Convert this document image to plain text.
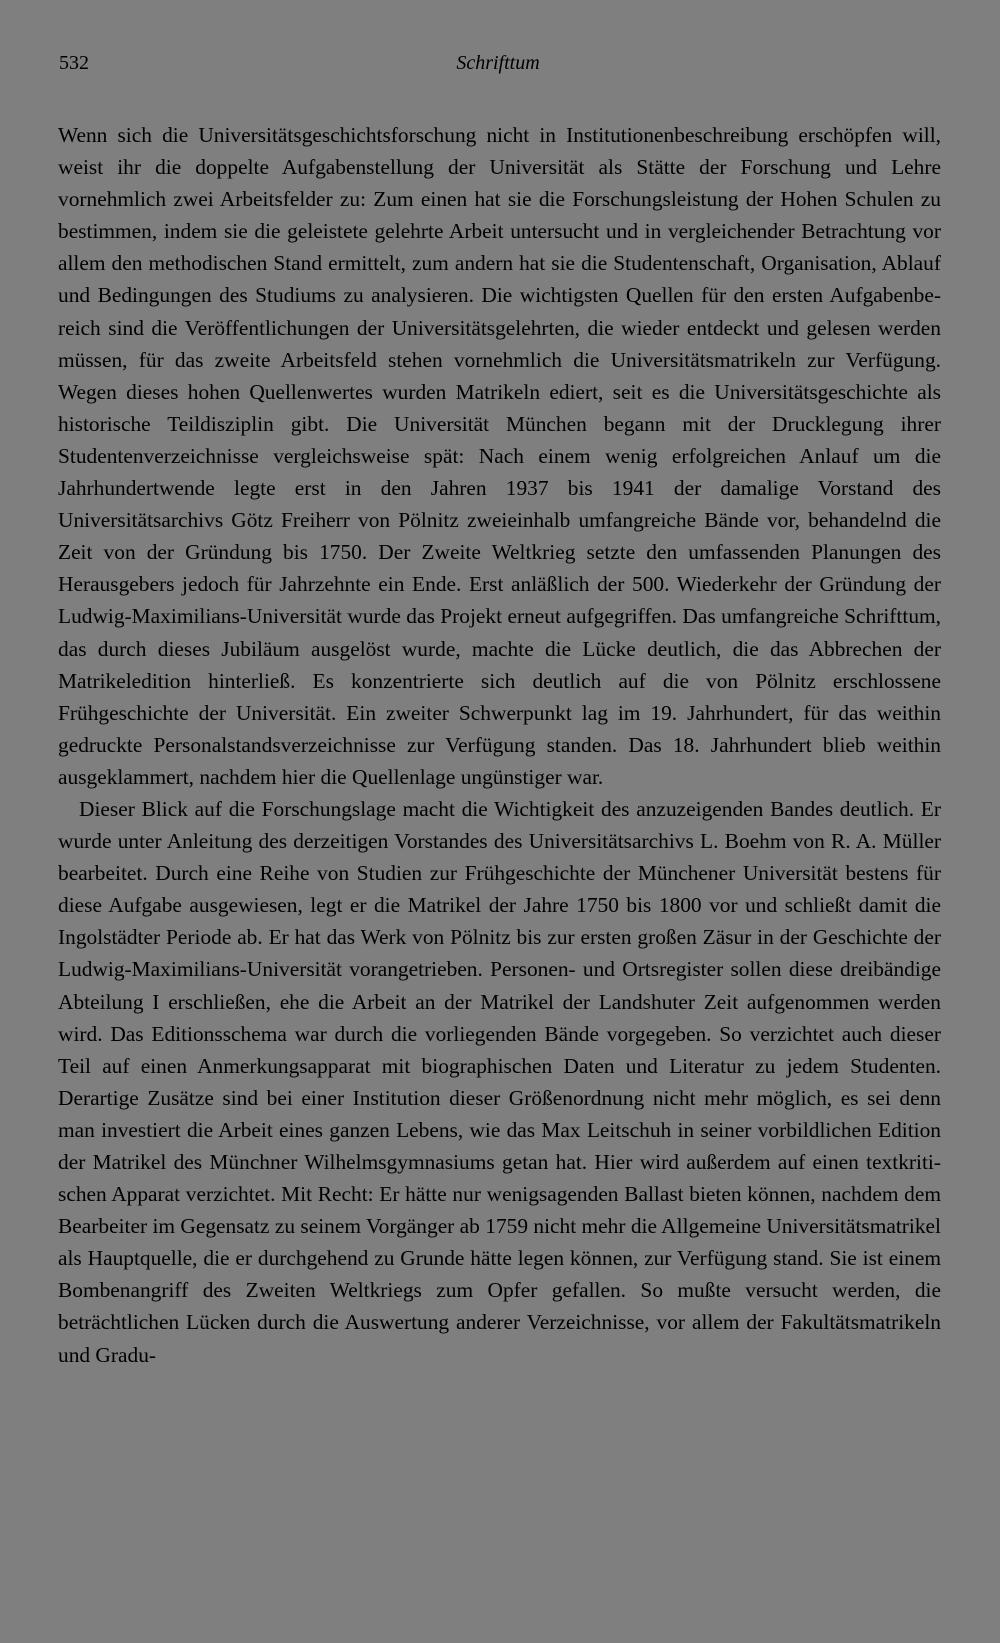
532	Schrifttum

Wenn sich die Universitätsgeschichtsforschung nicht in Institutionenbeschreibung erschöpfen will, weist ihr die doppelte Aufgabenstellung der Universität als Stätte der Forschung und Lehre vornehmlich zwei Arbeitsfelder zu: Zum einen hat sie die Forschungsleistung der Hohen Schulen zu bestimmen, indem sie die geleistete gelehrte Arbeit untersucht und in vergleichender Betrachtung vor allem den methodischen Stand ermittelt, zum andern hat sie die Studentenschaft, Organisation, Ablauf und Bedingungen des Studiums zu analysieren. Die wichtigsten Quellen für den ersten Aufgabenbereich sind die Veröffentlichungen der Universitätsgelehrten, die wieder entdeckt und gelesen werden müssen, für das zweite Arbeitsfeld stehen vornehmlich die Universitätsmatrikeln zur Verfügung. Wegen dieses hohen Quellenwertes wurden Matrikeln ediert, seit es die Universitätsgeschichte als historische Teildisziplin gibt. Die Universität München begann mit der Drucklegung ihrer Studentenverzeichnisse vergleichsweise spät: Nach einem wenig erfolgreichen Anlauf um die Jahrhundertwende legte erst in den Jahren 1937 bis 1941 der damalige Vorstand des Universitätsarchivs Götz Freiherr von Pölnitz zweieinhalb umfangreiche Bände vor, behandelnd die Zeit von der Gründung bis 1750. Der Zweite Weltkrieg setzte den umfassenden Planungen des Herausgebers jedoch für Jahrzehnte ein Ende. Erst anläßlich der 500. Wiederkehr der Gründung der Ludwig-Maximilians-Universität wurde das Projekt erneut aufgegriffen. Das umfangreiche Schrifttum, das durch dieses Jubiläum ausgelöst wurde, machte die Lücke deutlich, die das Abbrechen der Matrikeledition hinterließ. Es konzentrierte sich deutlich auf die von Pölnitz erschlossene Frühgeschichte der Universität. Ein zweiter Schwerpunkt lag im 19. Jahrhundert, für das weithin gedruckte Personalstandsverzeichnisse zur Verfügung standen. Das 18. Jahrhundert blieb weithin ausgeklammert, nachdem hier die Quellenlage ungünstiger war.

Dieser Blick auf die Forschungslage macht die Wichtigkeit des anzuzeigenden Bandes deutlich. Er wurde unter Anleitung des derzeitigen Vorstandes des Universitätsarchivs L. Boehm von R. A. Müller bearbeitet. Durch eine Reihe von Studien zur Frühgeschichte der Münchener Universität bestens für diese Aufgabe ausgewiesen, legt er die Matrikel der Jahre 1750 bis 1800 vor und schließt damit die Ingolstädter Periode ab. Er hat das Werk von Pölnitz bis zur ersten großen Zäsur in der Geschichte der Ludwig-Maximilians-Universität vorangetrieben. Personen- und Ortsregister sollen diese dreibändige Abteilung I erschließen, ehe die Arbeit an der Matrikel der Landshuter Zeit aufgenommen werden wird. Das Editionsschema war durch die vorliegenden Bände vorgegeben. So verzichtet auch dieser Teil auf einen Anmerkungsapparat mit biographischen Daten und Literatur zu jedem Studenten. Derartige Zusätze sind bei einer Institution dieser Größenordnung nicht mehr möglich, es sei denn man investiert die Arbeit eines ganzen Lebens, wie das Max Leitschuh in seiner vorbildlichen Edition der Matrikel des Münchner Wilhelmsgymnasiums getan hat. Hier wird außerdem auf einen textkritischen Apparat verzichtet. Mit Recht: Er hätte nur wenigsagenden Ballast bieten können, nachdem dem Bearbeiter im Gegensatz zu seinem Vorgänger ab 1759 nicht mehr die Allgemeine Universitätsmatrikel als Hauptquelle, die er durchgehend zu Grunde hätte legen können, zur Verfügung stand. Sie ist einem Bombenangriff des Zweiten Weltkriegs zum Opfer gefallen. So mußte versucht werden, die beträchtlichen Lücken durch die Auswertung anderer Verzeichnisse, vor allem der Fakultätsmatrikeln und Gradu-
